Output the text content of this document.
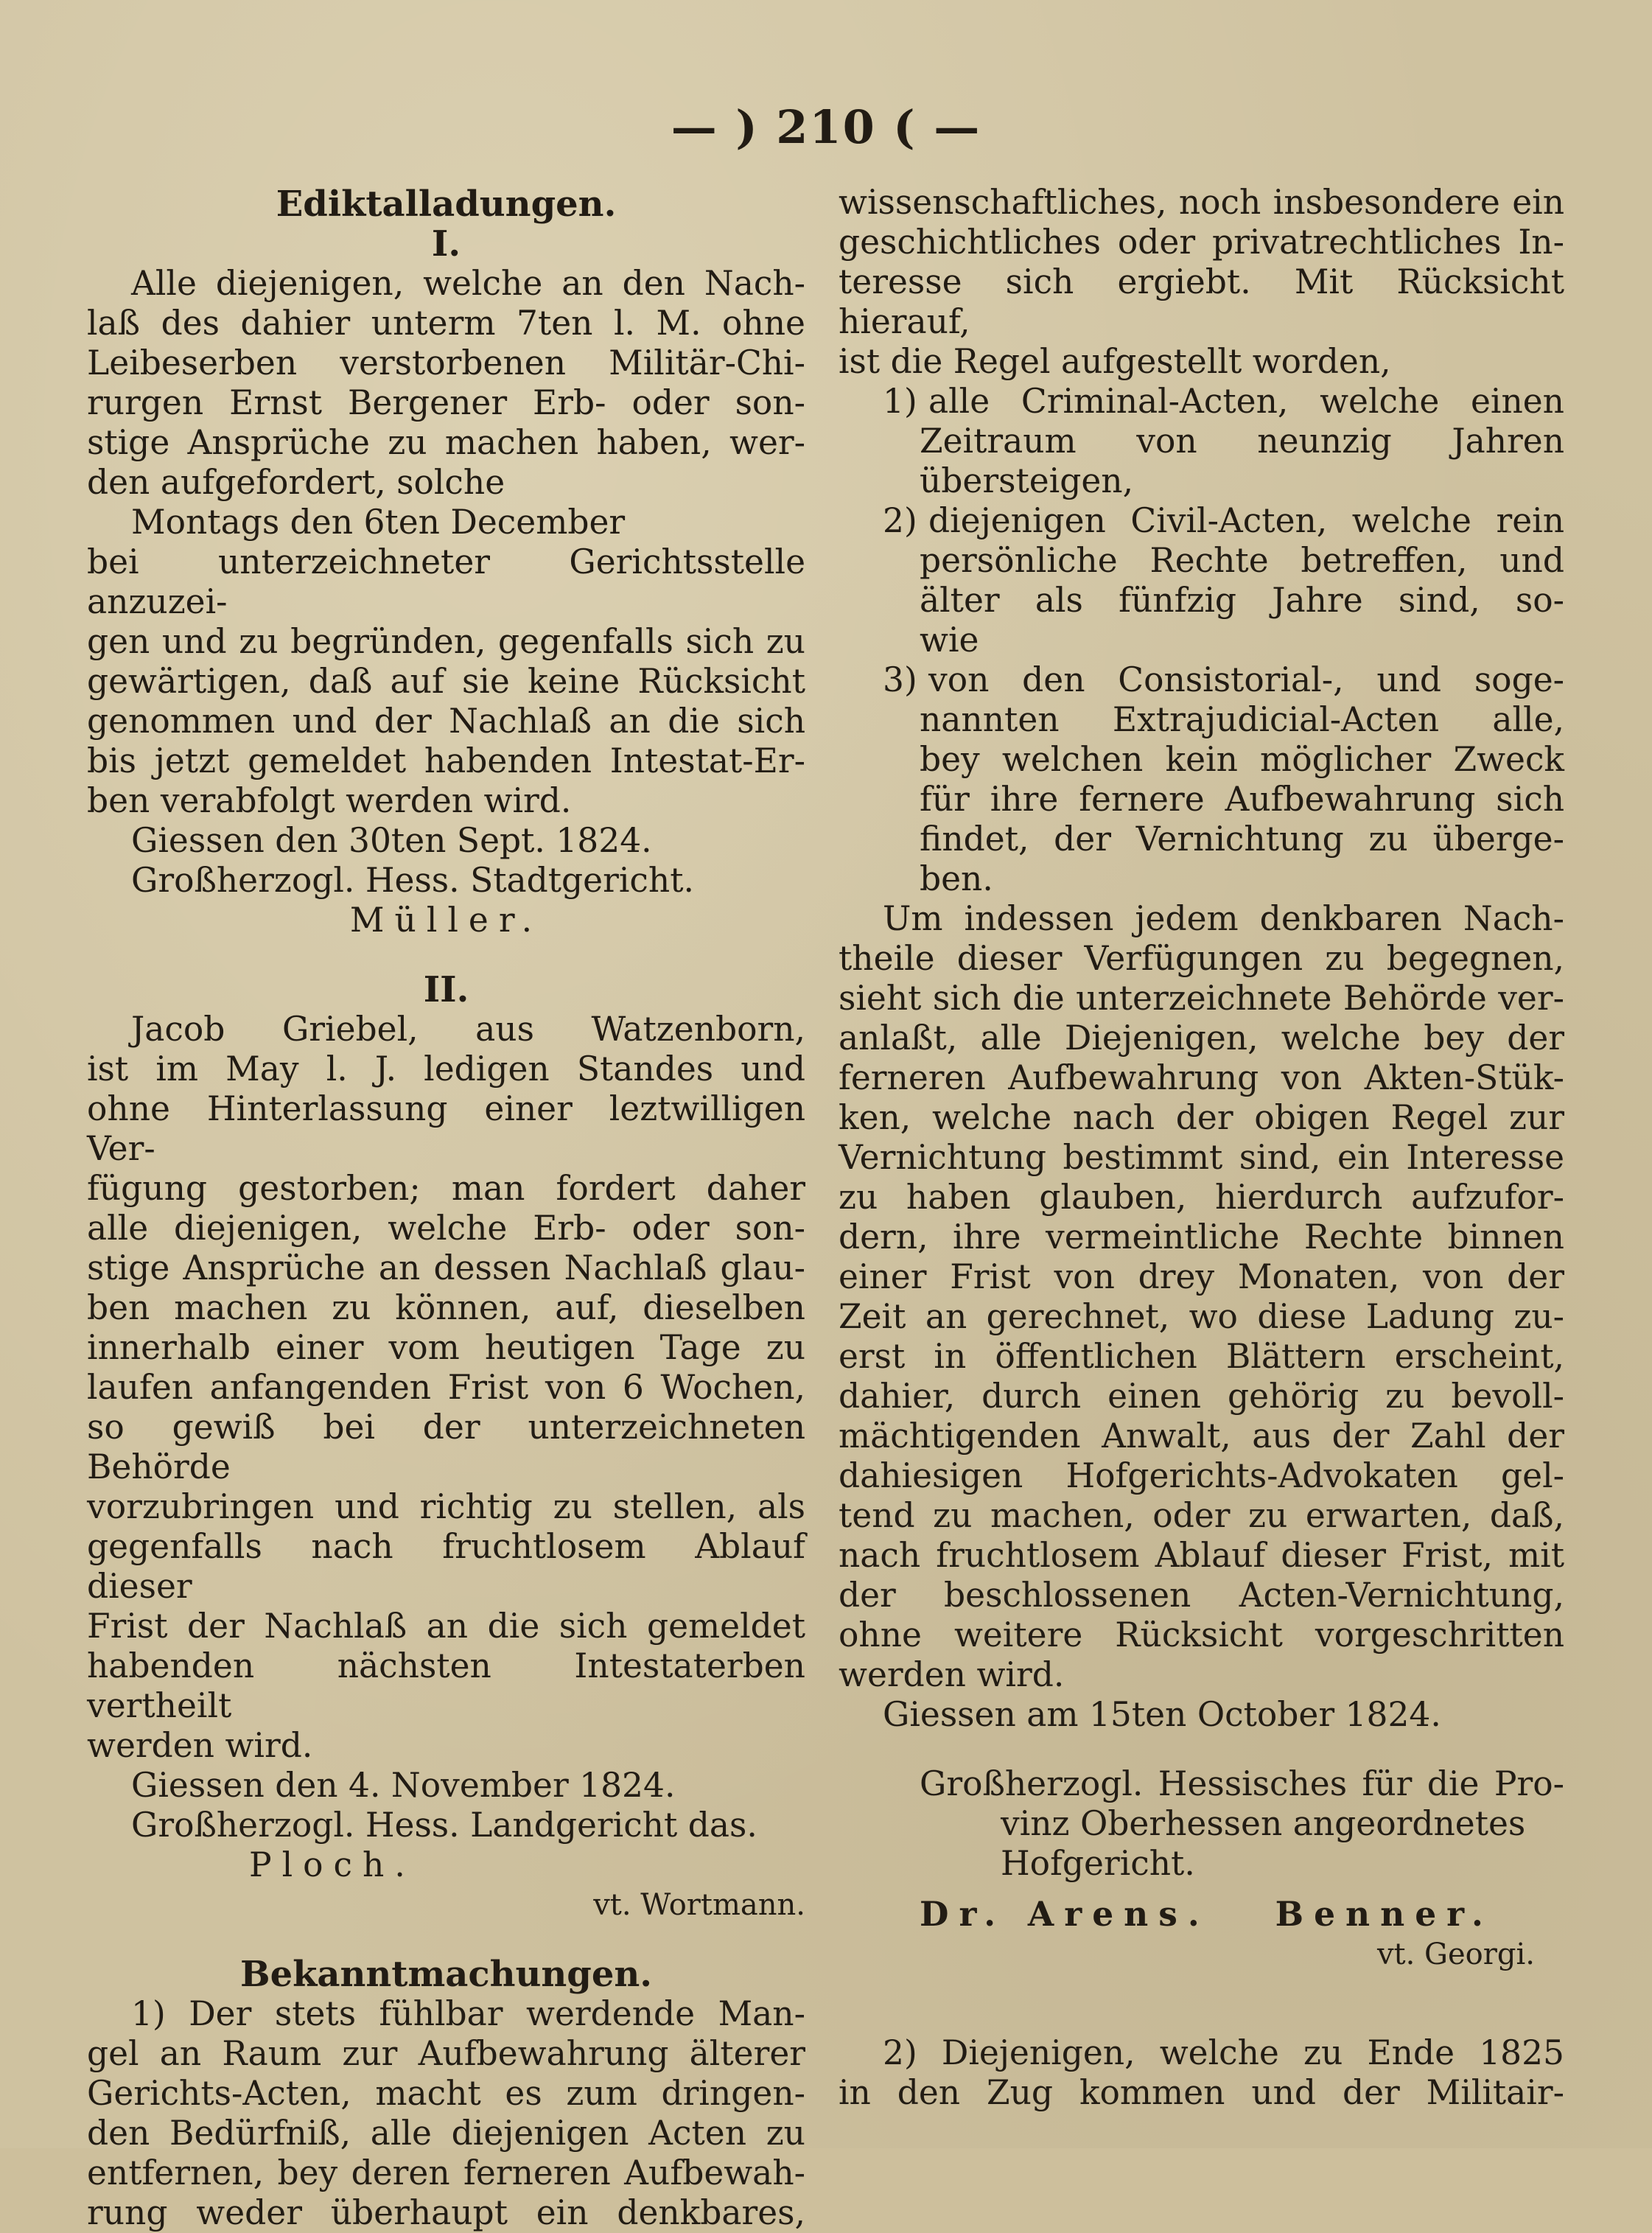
— ) 210 ( —
Ediktalladungen.
I.
Alle diejenigen, welche an den Nach-
laß des dahier unterm 7ten l. M. ohne
Leibeserben verstorbenen Militär-Chi-
rurgen Ernst Bergener Erb- oder son-
stige Ansprüche zu machen haben, wer-
den aufgefordert, solche
Montags den 6ten December
bei unterzeichneter Gerichtsstelle anzuzei-
gen und zu begründen, gegenfalls sich zu
gewärtigen, daß auf sie keine Rücksicht
genommen und der Nachlaß an die sich
bis jetzt gemeldet habenden Intestat-Er-
ben verabfolgt werden wird.
Giessen den 30ten Sept. 1824.
Großherzogl. Hess. Stadtgericht.
Müller.
II.
Jacob Griebel, aus Watzenborn,
ist im May l. J. ledigen Standes und
ohne Hinterlassung einer leztwilligen Ver-
fügung gestorben; man fordert daher
alle diejenigen, welche Erb- oder son-
stige Ansprüche an dessen Nachlaß glau-
ben machen zu können, auf, dieselben
innerhalb einer vom heutigen Tage zu
laufen anfangenden Frist von 6 Wochen,
so gewiß bei der unterzeichneten Behörde
vorzubringen und richtig zu stellen, als
gegenfalls nach fruchtlosem Ablauf dieser
Frist der Nachlaß an die sich gemeldet
habenden nächsten Intestaterben vertheilt
werden wird.
Giessen den 4. November 1824.
Großherzogl. Hess. Landgericht das.
Ploch.
vt. Wortmann.
Bekanntmachungen.
1) Der stets fühlbar werdende Man-
gel an Raum zur Aufbewahrung älterer
Gerichts-Acten, macht es zum dringen-
den Bedürfniß, alle diejenigen Acten zu
entfernen, bey deren ferneren Aufbewah-
rung weder überhaupt ein denkbares,
wissenschaftliches, noch insbesondere ein
geschichtliches oder privatrechtliches In-
teresse sich ergiebt. Mit Rücksicht hierauf,
ist die Regel aufgestellt worden,
1) alle Criminal-Acten, welche einen
Zeitraum von neunzig Jahren
übersteigen,
2) diejenigen Civil-Acten, welche rein
persönliche Rechte betreffen, und
älter als fünfzig Jahre sind, so-
wie
3) von den Consistorial-, und soge-
nannten Extrajudicial-Acten alle,
bey welchen kein möglicher Zweck
für ihre fernere Aufbewahrung sich
findet, der Vernichtung zu überge-
ben.
Um indessen jedem denkbaren Nach-
theile dieser Verfügungen zu begegnen,
sieht sich die unterzeichnete Behörde ver-
anlaßt, alle Diejenigen, welche bey der
ferneren Aufbewahrung von Akten-Stük-
ken, welche nach der obigen Regel zur
Vernichtung bestimmt sind, ein Interesse
zu haben glauben, hierdurch aufzufor-
dern, ihre vermeintliche Rechte binnen
einer Frist von drey Monaten, von der
Zeit an gerechnet, wo diese Ladung zu-
erst in öffentlichen Blättern erscheint,
dahier, durch einen gehörig zu bevoll-
mächtigenden Anwalt, aus der Zahl der
dahiesigen Hofgerichts-Advokaten gel-
tend zu machen, oder zu erwarten, daß,
nach fruchtlosem Ablauf dieser Frist, mit
der beschlossenen Acten-Vernichtung,
ohne weitere Rücksicht vorgeschritten
werden wird.
Giessen am 15ten October 1824.
Großherzogl. Hessisches für die Pro-
vinz Oberhessen angeordnetes
Hofgericht.
Dr. Arens. Benner.
vt. Georgi.
2) Diejenigen, welche zu Ende 1825
in den Zug kommen und der Militair-
